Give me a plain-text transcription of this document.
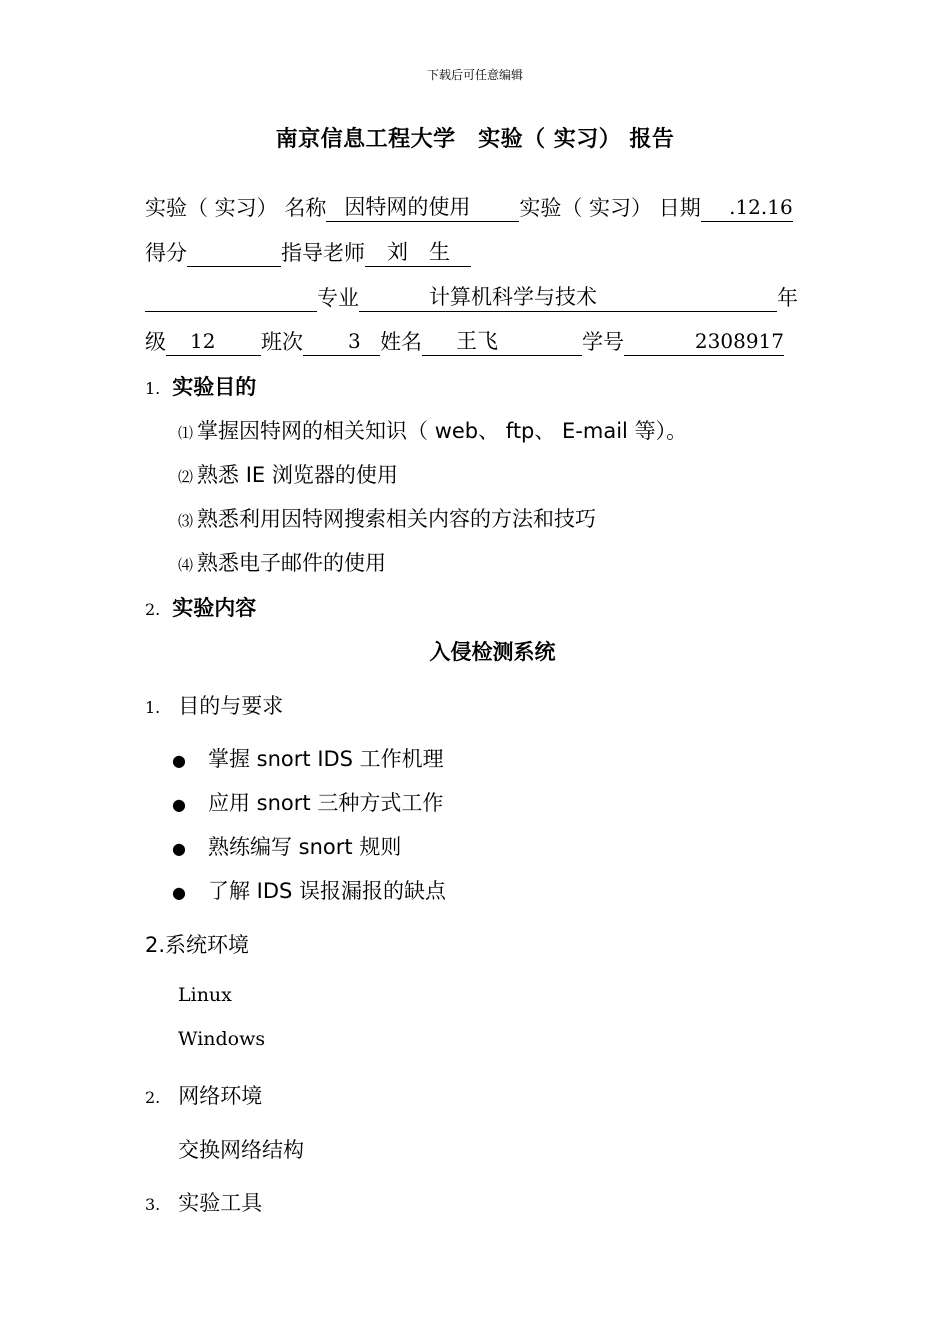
下载后可任意编辑
南京信息工程大学　实验（ 实习） 报告
实验（ 实习） 名称 因特网的使用 实验（ 实习） 日期 .12.16
得分	指导老师 刘　生
专业	计算机科学与技术	年
级 12 班次 3 姓名 王飞	学号	2308917
1. 实验目的
⑴ 掌握因特网的相关知识（ web、 ftp、 E-mail 等）。
⑵ 熟悉 IE 浏览器的使用
⑶ 熟悉利用因特网搜索相关内容的方法和技巧
⑷ 熟悉电子邮件的使用
2. 实验内容
入侵检测系统
1. 目的与要求
● 掌握 snort IDS 工作机理
● 应用 snort 三种方式工作
● 熟练编写 snort 规则
● 了解 IDS 误报漏报的缺点
2.系统环境
Linux
Windows
2. 网络环境
交换网络结构
3. 实验工具
